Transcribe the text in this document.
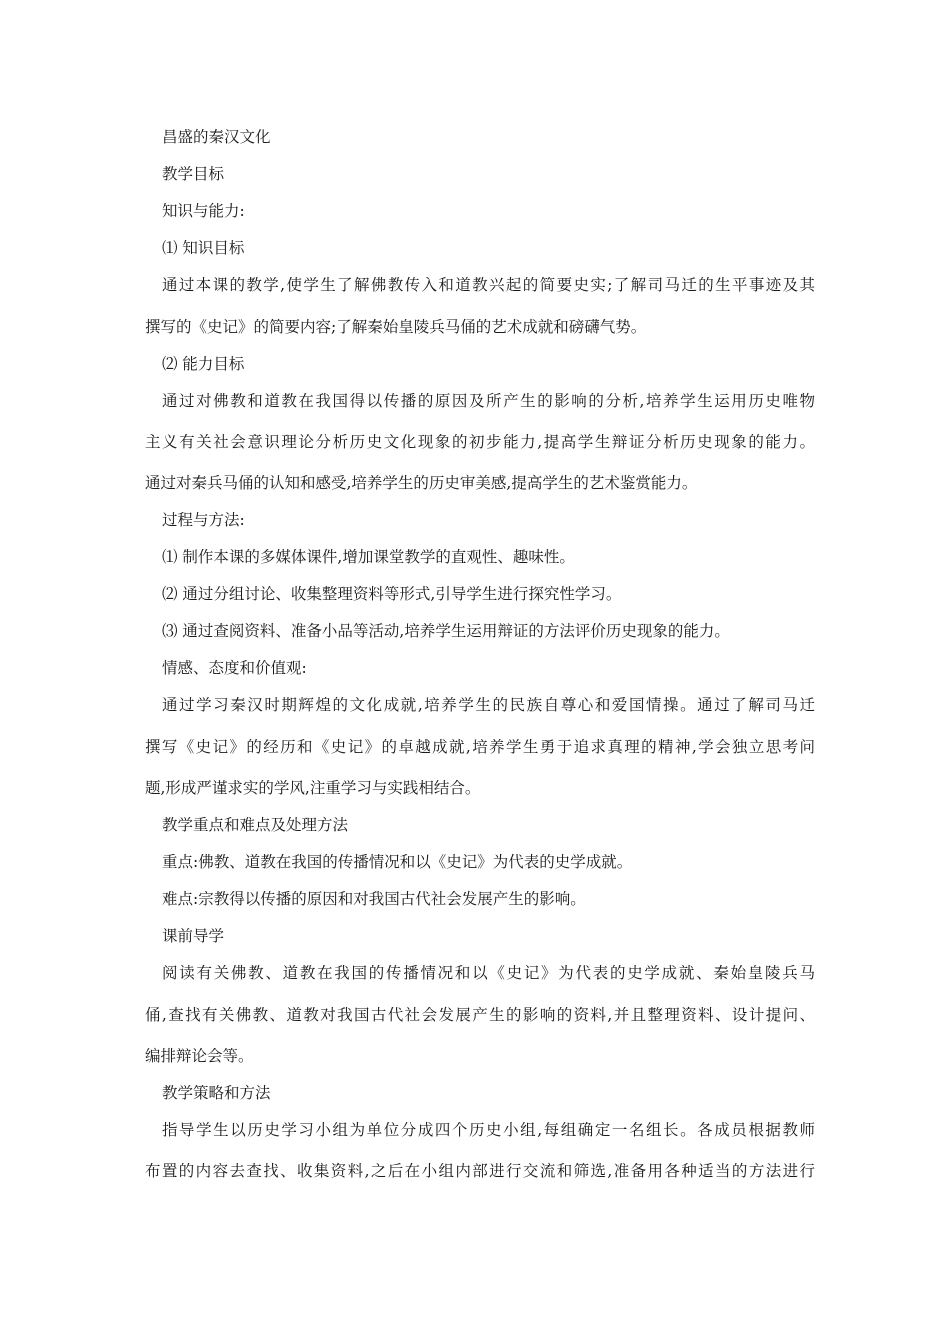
昌盛的秦汉文化
教学目标
知识与能力:
⑴ 知识目标
通过本课的教学,使学生了解佛教传入和道教兴起的简要史实;了解司马迁的生平事迹及其
撰写的《史记》的简要内容;了解秦始皇陵兵马俑的艺术成就和磅礴气势。
⑵ 能力目标
通过对佛教和道教在我国得以传播的原因及所产生的影响的分析,培养学生运用历史唯物
主义有关社会意识理论分析历史文化现象的初步能力,提高学生辩证分析历史现象的能力。
通过对秦兵马俑的认知和感受,培养学生的历史审美感,提高学生的艺术鉴赏能力。
过程与方法:
⑴ 制作本课的多媒体课件,增加课堂教学的直观性、趣味性。
⑵ 通过分组讨论、收集整理资料等形式,引导学生进行探究性学习。
⑶ 通过查阅资料、准备小品等活动,培养学生运用辩证的方法评价历史现象的能力。
情感、态度和价值观:
通过学习秦汉时期辉煌的文化成就,培养学生的民族自尊心和爱国情操。通过了解司马迁
撰写《史记》的经历和《史记》的卓越成就,培养学生勇于追求真理的精神,学会独立思考问
题,形成严谨求实的学风,注重学习与实践相结合。
教学重点和难点及处理方法
重点:佛教、道教在我国的传播情况和以《史记》为代表的史学成就。
难点:宗教得以传播的原因和对我国古代社会发展产生的影响。
课前导学
阅读有关佛教、道教在我国的传播情况和以《史记》为代表的史学成就、秦始皇陵兵马
俑,查找有关佛教、道教对我国古代社会发展产生的影响的资料,并且整理资料、设计提问、
编排辩论会等。
教学策略和方法
指导学生以历史学习小组为单位分成四个历史小组,每组确定一名组长。各成员根据教师
布置的内容去查找、收集资料,之后在小组内部进行交流和筛选,准备用各种适当的方法进行
